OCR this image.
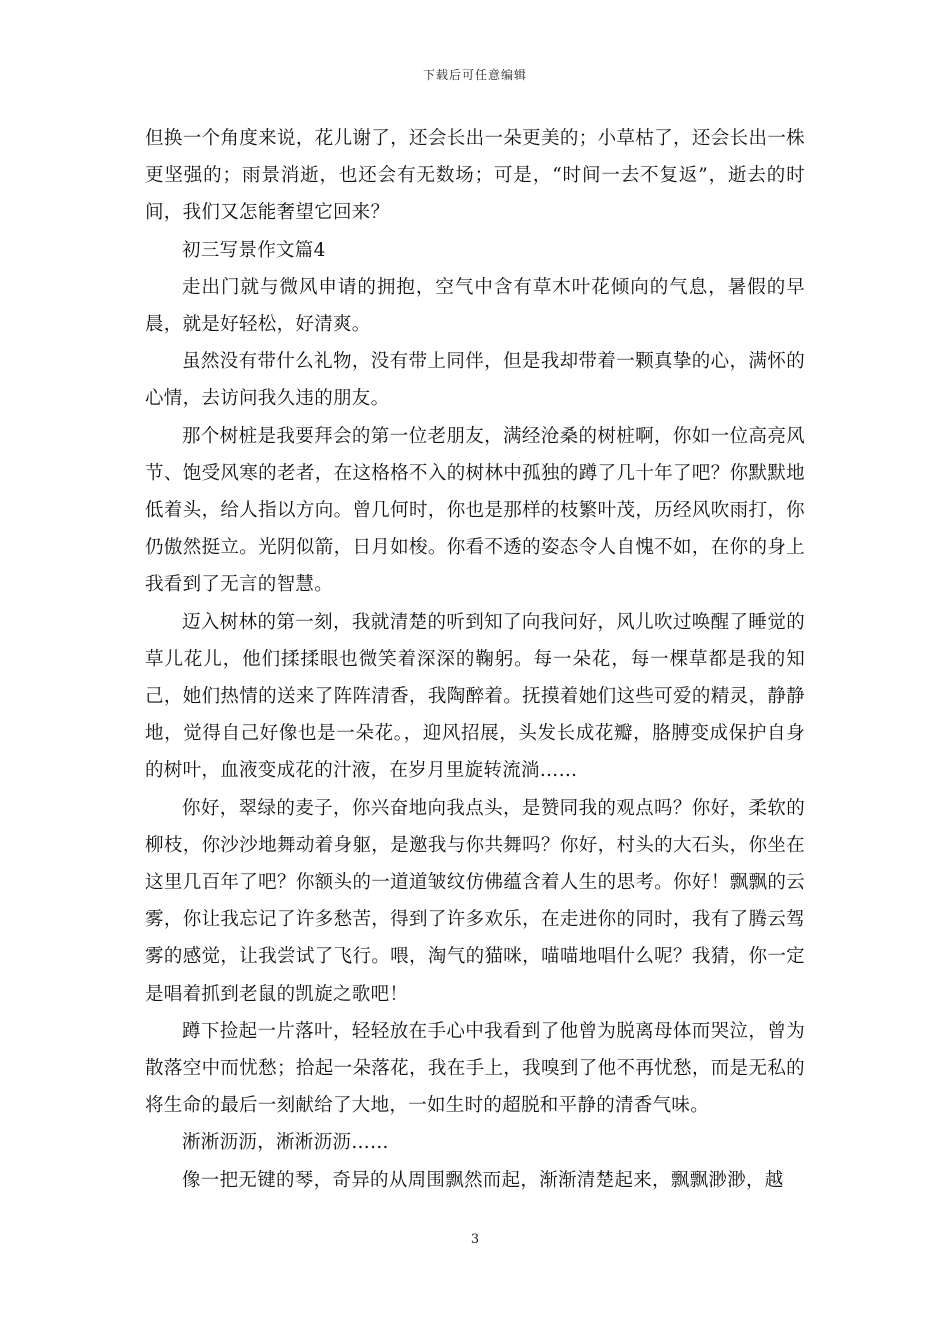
下载后可任意编辑

但换一个角度来说，花儿谢了，还会长出一朵更美的；小草枯了，还会长出一株更坚强的；雨景消逝，也还会有无数场；可是，“时间一去不复返”，逝去的时间，我们又怎能奢望它回来？

初三写景作文篇4

走出门就与微风申请的拥抱，空气中含有草木叶花倾向的气息，暑假的早晨，就是好轻松，好清爽。

虽然没有带什么礼物，没有带上同伴，但是我却带着一颗真挚的心，满怀的心情，去访问我久违的朋友。

那个树桩是我要拜会的第一位老朋友，满经沧桑的树桩啊，你如一位高亮风节、饱受风寒的老者，在这格格不入的树林中孤独的蹲了几十年了吧？你默默地低着头，给人指以方向。曾几何时，你也是那样的枝繁叶茂，历经风吹雨打，你仍傲然挺立。光阴似箭，日月如梭。你看不透的姿态令人自愧不如，在你的身上我看到了无言的智慧。

迈入树林的第一刻，我就清楚的听到知了向我问好，风儿吹过唤醒了睡觉的草儿花儿，他们揉揉眼也微笑着深深的鞠躬。每一朵花，每一棵草都是我的知己，她们热情的送来了阵阵清香，我陶醉着。抚摸着她们这些可爱的精灵，静静地，觉得自己好像也是一朵花。，迎风招展，头发长成花瓣，胳膊变成保护自身的树叶，血液变成花的汁液，在岁月里旋转流淌……

你好，翠绿的麦子，你兴奋地向我点头，是赞同我的观点吗？你好，柔软的柳枝，你沙沙地舞动着身躯，是邀我与你共舞吗？你好，村头的大石头，你坐在这里几百年了吧？你额头的一道道皱纹仿佛蕴含着人生的思考。你好！飘飘的云雾，你让我忘记了许多愁苦，得到了许多欢乐，在走进你的同时，我有了腾云驾雾的感觉，让我尝试了飞行。喂，淘气的猫咪，喵喵地唱什么呢？我猜，你一定是唱着抓到老鼠的凯旋之歌吧！

蹲下捡起一片落叶，轻轻放在手心中我看到了他曾为脱离母体而哭泣，曾为散落空中而忧愁；拾起一朵落花，我在手上，我嗅到了他不再忧愁，而是无私的将生命的最后一刻献给了大地，一如生时的超脱和平静的清香气味。

淅淅沥沥，淅淅沥沥……

像一把无键的琴，奇异的从周围飘然而起，渐渐清楚起来，飘飘渺渺，越

3
